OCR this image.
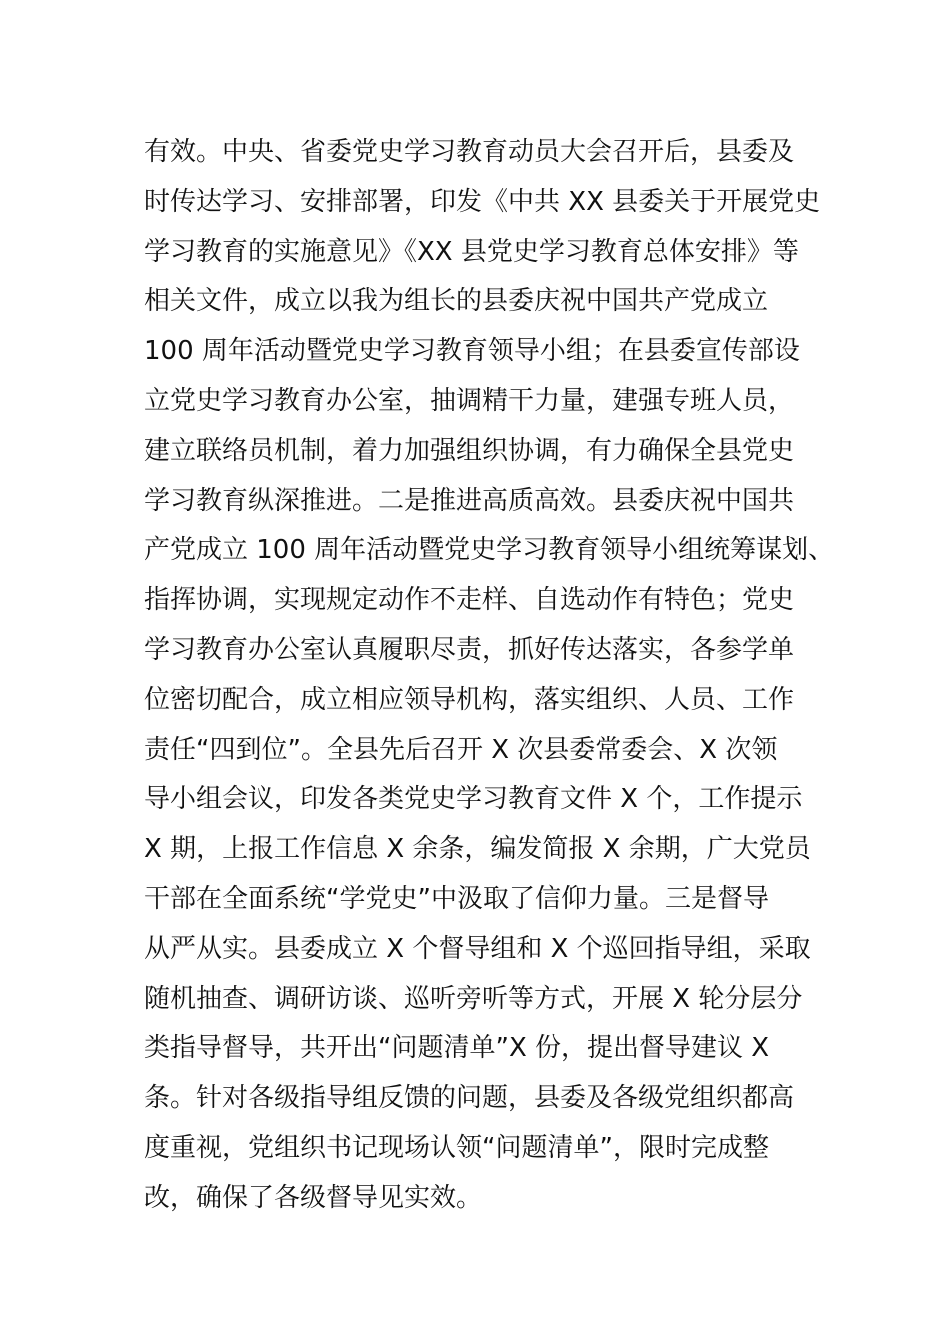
有效。中央、省委党史学习教育动员大会召开后，县委及
时传达学习、安排部署，印发《中共 XX 县委关于开展党史
学习教育的实施意见》《XX 县党史学习教育总体安排》等
相关文件，成立以我为组长的县委庆祝中国共产党成立
100 周年活动暨党史学习教育领导小组；在县委宣传部设
立党史学习教育办公室，抽调精干力量，建强专班人员，
建立联络员机制，着力加强组织协调，有力确保全县党史
学习教育纵深推进。二是推进高质高效。县委庆祝中国共
产党成立 100 周年活动暨党史学习教育领导小组统筹谋划、
指挥协调，实现规定动作不走样、自选动作有特色；党史
学习教育办公室认真履职尽责，抓好传达落实，各参学单
位密切配合，成立相应领导机构，落实组织、人员、工作
责任“四到位”。全县先后召开 X 次县委常委会、X 次领
导小组会议，印发各类党史学习教育文件 X 个，工作提示
X 期，上报工作信息 X 余条，编发简报 X 余期，广大党员
干部在全面系统“学党史”中汲取了信仰力量。三是督导
从严从实。县委成立 X 个督导组和 X 个巡回指导组，采取
随机抽查、调研访谈、巡听旁听等方式，开展 X 轮分层分
类指导督导，共开出“问题清单”X 份，提出督导建议 X
条。针对各级指导组反馈的问题，县委及各级党组织都高
度重视，党组织书记现场认领“问题清单”，限时完成整
改，确保了各级督导见实效。
